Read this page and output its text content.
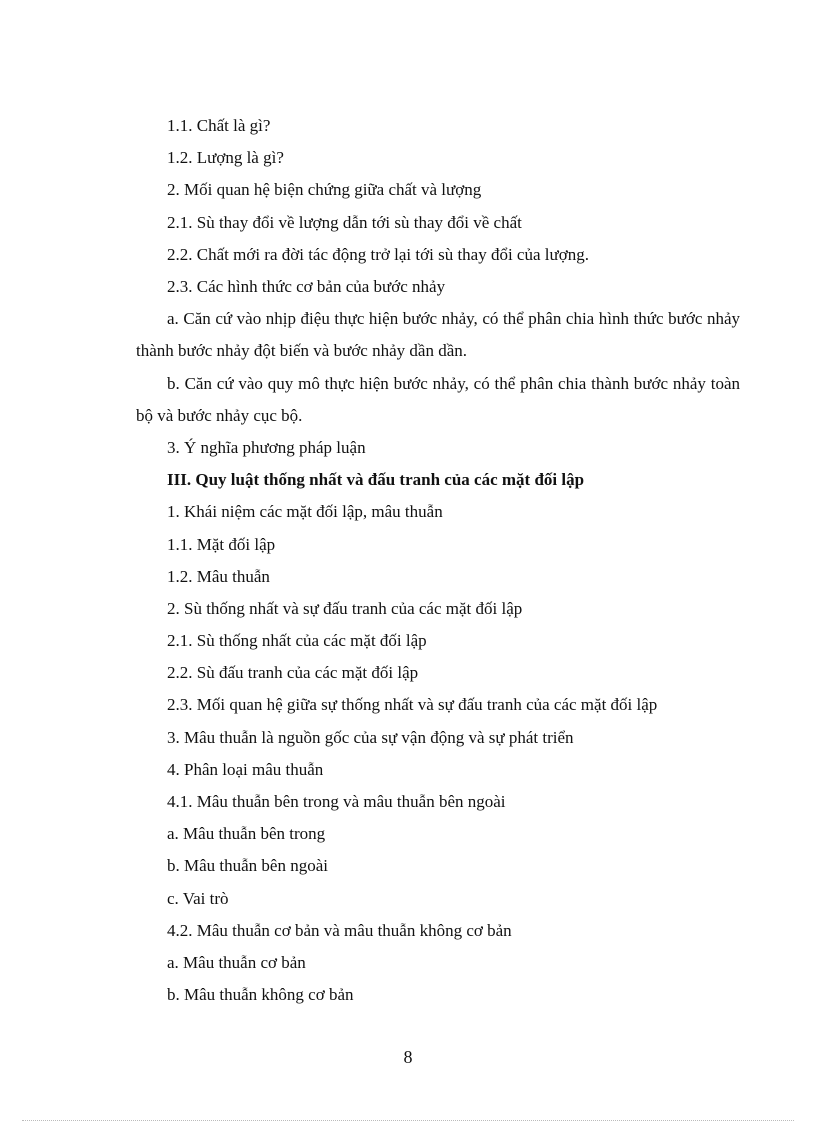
1.1. Chất là gì?
1.2. Lượng là gì?
2. Mối quan hệ biện chứng giữa chất và lượng
2.1. Sù thay đổi về lượng dẫn tới sù thay đổi về chất
2.2. Chất mới ra đời tác động trở lại tới sù thay đổi của lượng.
2.3. Các hình thức cơ bản của bước nhảy
a. Căn cứ vào nhịp điệu thực hiện bước nhảy, có thể phân chia hình thức bước nhảy thành bước nhảy đột biến và bước nhảy dần dần.
b. Căn cứ vào quy mô thực hiện bước nhảy, có thể phân chia thành bước nhảy toàn bộ và bước nhảy cục bộ.
3. Ý nghĩa phương pháp luận
III. Quy luật thống nhất và đấu tranh của các mặt đối lập
1. Khái niệm các mặt đối lập, mâu thuẫn
1.1. Mặt đối lập
1.2. Mâu thuẫn
2. Sù thống nhất và sự đấu tranh của các mặt đối lập
2.1. Sù thống nhất của các mặt đối lập
2.2. Sù đấu tranh của các mặt đối lập
2.3. Mối quan hệ giữa sự thống nhất và sự đấu tranh của các mặt đối lập
3. Mâu thuẫn là nguồn gốc của sự vận động và sự phát triển
4. Phân loại mâu thuẫn
4.1. Mâu thuẫn bên trong và mâu thuẫn bên ngoài
a. Mâu thuẫn bên trong
b. Mâu thuẫn bên ngoài
c. Vai trò
4.2. Mâu thuẫn cơ bản và mâu thuẫn không cơ bản
a. Mâu thuẫn cơ bản
b. Mâu thuẫn không cơ bản
8
